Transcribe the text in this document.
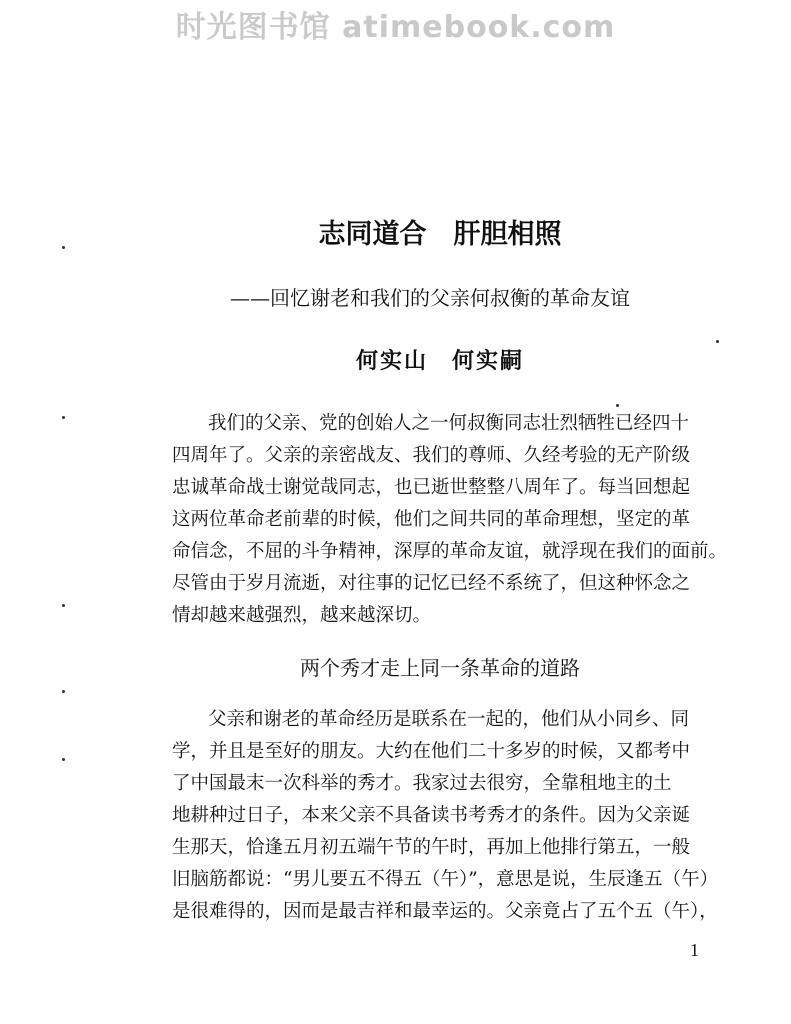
时光图书馆 atimebook.com
志同道合　肝胆相照
——回忆谢老和我们的父亲何叔衡的革命友谊
何实山　何实嗣
我们的父亲、党的创始人之一何叔衡同志壮烈牺牲已经四十
四周年了。父亲的亲密战友、我们的尊师、久经考验的无产阶级
忠诚革命战士谢觉哉同志，也已逝世整整八周年了。每当回想起
这两位革命老前辈的时候，他们之间共同的革命理想，坚定的革
命信念，不屈的斗争精神，深厚的革命友谊，就浮现在我们的面前。
尽管由于岁月流逝，对往事的记忆已经不系统了，但这种怀念之
情却越来越强烈，越来越深切。
两个秀才走上同一条革命的道路
父亲和谢老的革命经历是联系在一起的，他们从小同乡、同
学，并且是至好的朋友。大约在他们二十多岁的时候，又都考中
了中国最末一次科举的秀才。我家过去很穷，全靠租地主的土
地耕种过日子，本来父亲不具备读书考秀才的条件。因为父亲诞
生那天，恰逢五月初五端午节的午时，再加上他排行第五，一般
旧脑筋都说：“男儿要五不得五（午）”，意思是说，生辰逢五（午）
是很难得的，因而是最吉祥和最幸运的。父亲竟占了五个五（午），
1
